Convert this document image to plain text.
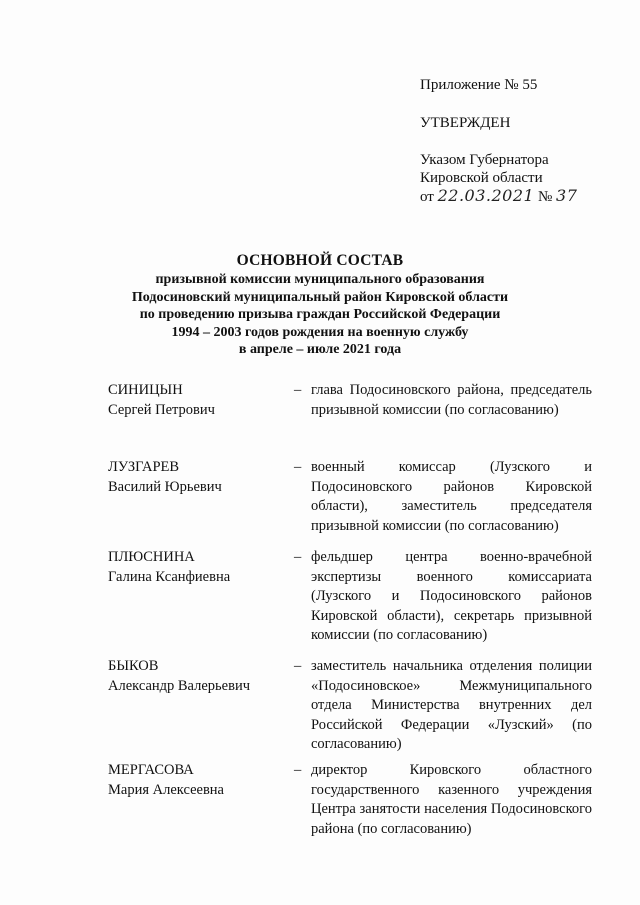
Приложение № 55
УТВЕРЖДЕН
Указом Губернатора
Кировской области
от 22.03.2021 № 37
ОСНОВНОЙ СОСТАВ
призывной комиссии муниципального образования
Подосиновский муниципальный район Кировской области
по проведению призыва граждан Российской Федерации
1994 – 2003 годов рождения на военную службу
в апреле – июле 2021 года
СИНИЦЫН
Сергей Петрович
– глава Подосиновского района, председатель призывной комиссии (по согласованию)
ЛУЗГАРЕВ
Василий Юрьевич
– военный комиссар (Лузского и Подосиновского районов Кировской области), заместитель председателя призывной комиссии (по согласованию)
ПЛЮСНИНА
Галина Ксанфиевна
– фельдшер центра военно-врачебной экспертизы военного комиссариата (Лузского и Подосиновского районов Кировской области), секретарь призывной комиссии (по согласованию)
БЫКОВ
Александр Валерьевич
– заместитель начальника отделения полиции «Подосиновское» Межмуниципального отдела Министерства внутренних дел Российской Федерации «Лузский» (по согласованию)
МЕРГАСОВА
Мария Алексеевна
– директор Кировского областного государственного казенного учреждения Центра занятости населения Подосиновского района (по согласованию)
